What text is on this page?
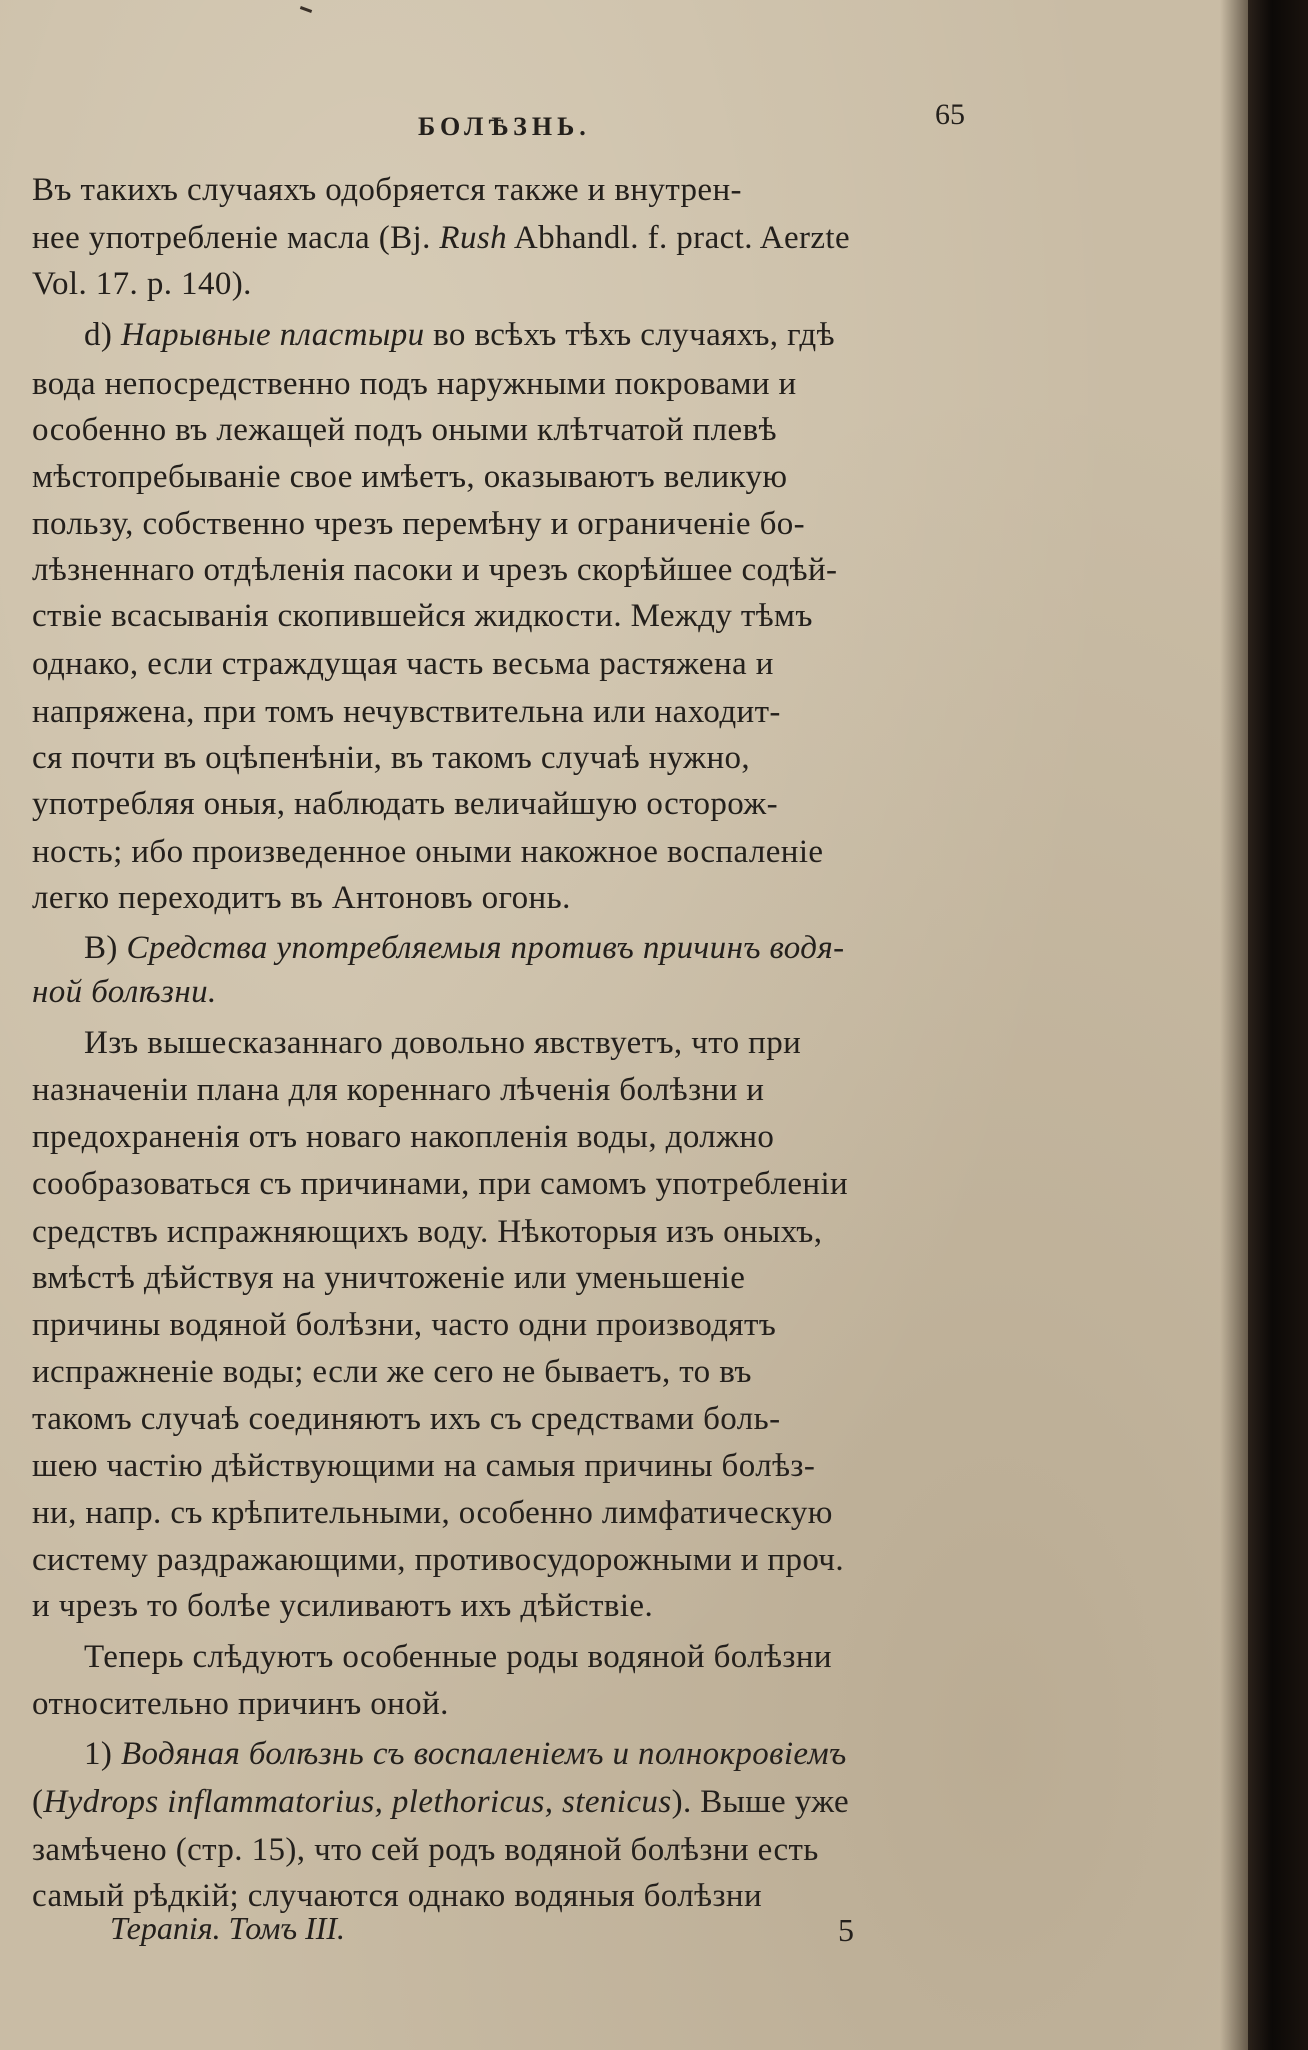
БОЛѢЗНЬ.	65
Въ такихъ случаяхъ одобряется также и внутрен-
нее употребленіе масла (Bj. Rush Abhandl. f. pract. Aerzte
Vol. 17. p. 140).
d) Нарывные пластыри во всѣхъ тѣхъ случаяхъ, гдѣ
вода непосредственно подъ наружными покровами и
особенно въ лежащей подъ оными клѣтчатой плевѣ
мѣстопребываніе свое имѣетъ, оказываютъ великую
пользу, собственно чрезъ перемѣну и ограниченіе бо-
лѣзненнаго отдѣленія пасоки и чрезъ скорѣйшее содѣй-
ствіе всасыванія скопившейся жидкости. Между тѣмъ
однако, если страждущая часть весьма растяжена и
напряжена, при томъ нечувствительна или находит-
ся почти въ оцѣпенѣніи, въ такомъ случаѣ нужно,
употребляя оныя, наблюдать величайшую осторож-
ность; ибо произведенное оными накожное воспаленіе
легко переходитъ въ Антоновъ огонь.
B) Средства употребляемыя противъ причинъ водя-
ной болѣзни.
Изъ вышесказаннаго довольно явствуетъ, что при
назначеніи плана для кореннаго лѣченія болѣзни и
предохраненія отъ новаго накопленія воды, должно
сообразоваться съ причинами, при самомъ употребленіи
средствъ испражняющихъ воду. Нѣкоторыя изъ оныхъ,
вмѣстѣ дѣйствуя на уничтоженіе или уменьшеніе
причины водяной болѣзни, часто одни производятъ
испражненіе воды; если же сего не бываетъ, то въ
такомъ случаѣ соединяютъ ихъ съ средствами боль-
шею частію дѣйствующими на самыя причины болѣз-
ни, напр. съ крѣпительными, особенно лимфатическую
систему раздражающими, противосудорожными и проч.
и чрезъ то болѣе усиливаютъ ихъ дѣйствіе.
Теперь слѣдуютъ особенные роды водяной болѣзни
относительно причинъ оной.
1) Водяная болѣзнь съ воспаленіемъ и полнокровіемъ
(Hydrops inflammatorius, plethoricus, stenicus). Выше уже
замѣчено (стр. 15), что сей родъ водяной болѣзни есть
самый рѣдкій; случаются однако водяныя болѣзни
Терапія. Томъ III.	5
